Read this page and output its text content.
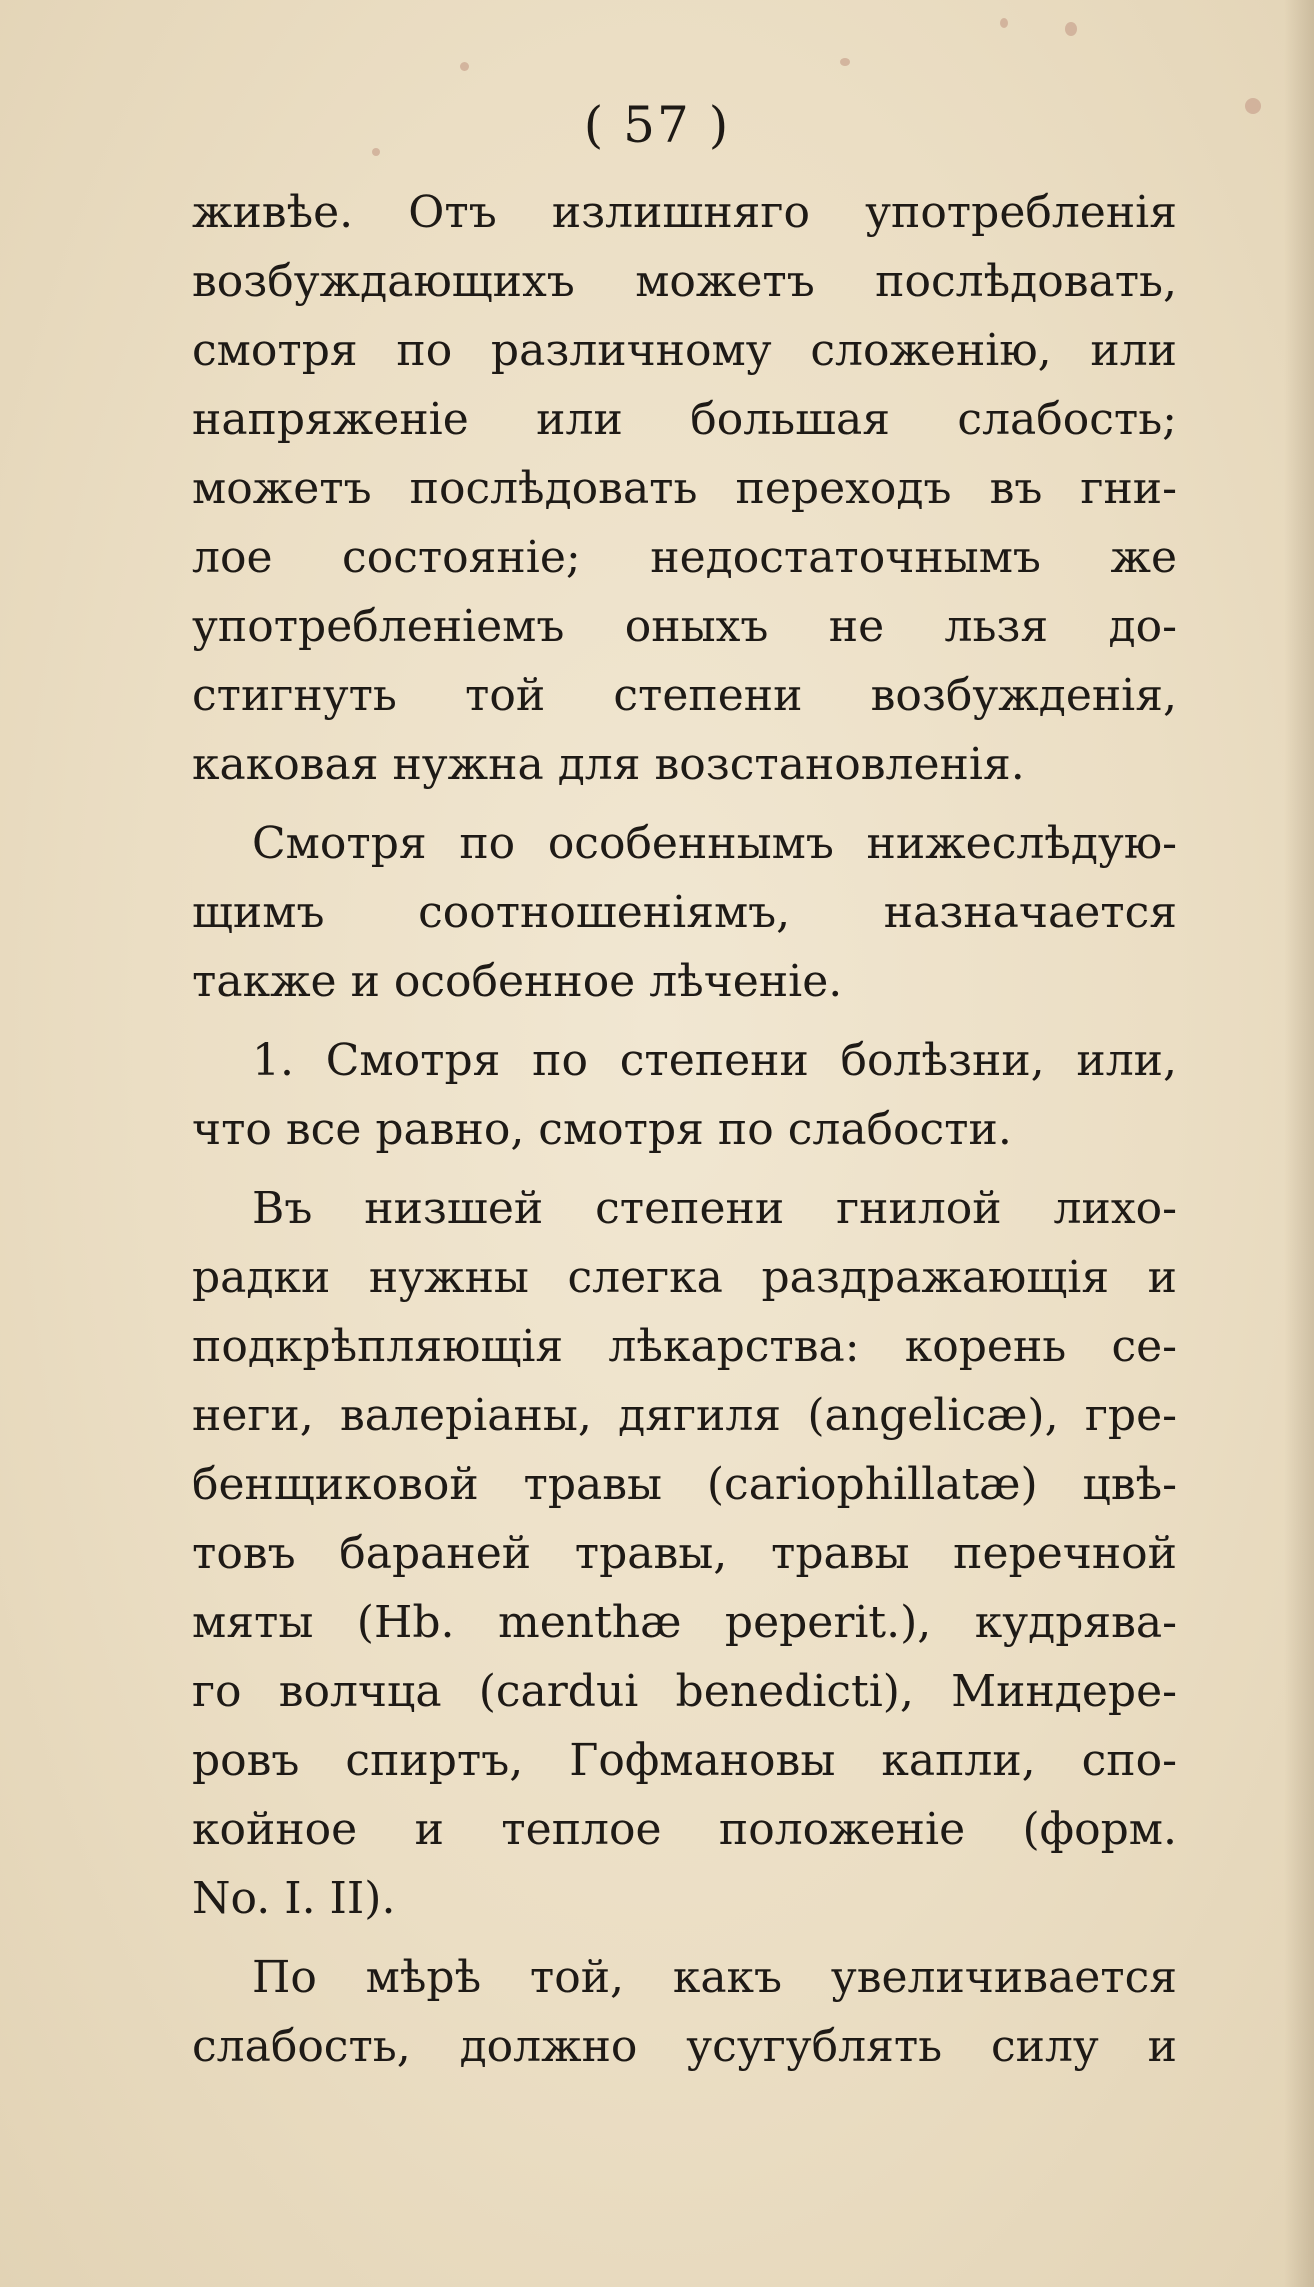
( 57 )
живѣе. Отъ излишняго употребленія
возбуждающихъ можетъ послѣдовать,
смотря по различному сложенію, или
напряженіе или большая слабость;
можетъ послѣдовать переходъ въ гни-
лое состояніе; недостаточнымъ же
употребленіемъ оныхъ не льзя до-
стигнуть той степени возбужденія,
каковая нужна для возстановленія.
Смотря по особеннымъ нижеслѣдую-
щимъ соотношеніямъ, назначается
также и особенное лѣченіе.
1. Смотря по степени болѣзни, или,
что все равно, смотря по слабости.
Въ низшей степени гнилой лихо-
радки нужны слегка раздражающія и
подкрѣпляющія лѣкарства: корень се-
неги, валеріаны, дягиля (angelicæ), гре-
бенщиковой травы (cariophillatæ) цвѣ-
товъ бараней травы, травы перечной
мяты (Hb. menthæ peperit.), кудрява-
го волчца (cardui benedicti), Миндере-
ровъ спиртъ, Гофмановы капли, спо-
койное и теплое положеніе (форм.
No. I. II).
По мѣрѣ той, какъ увеличивается
слабость, должно усугублять силу и
